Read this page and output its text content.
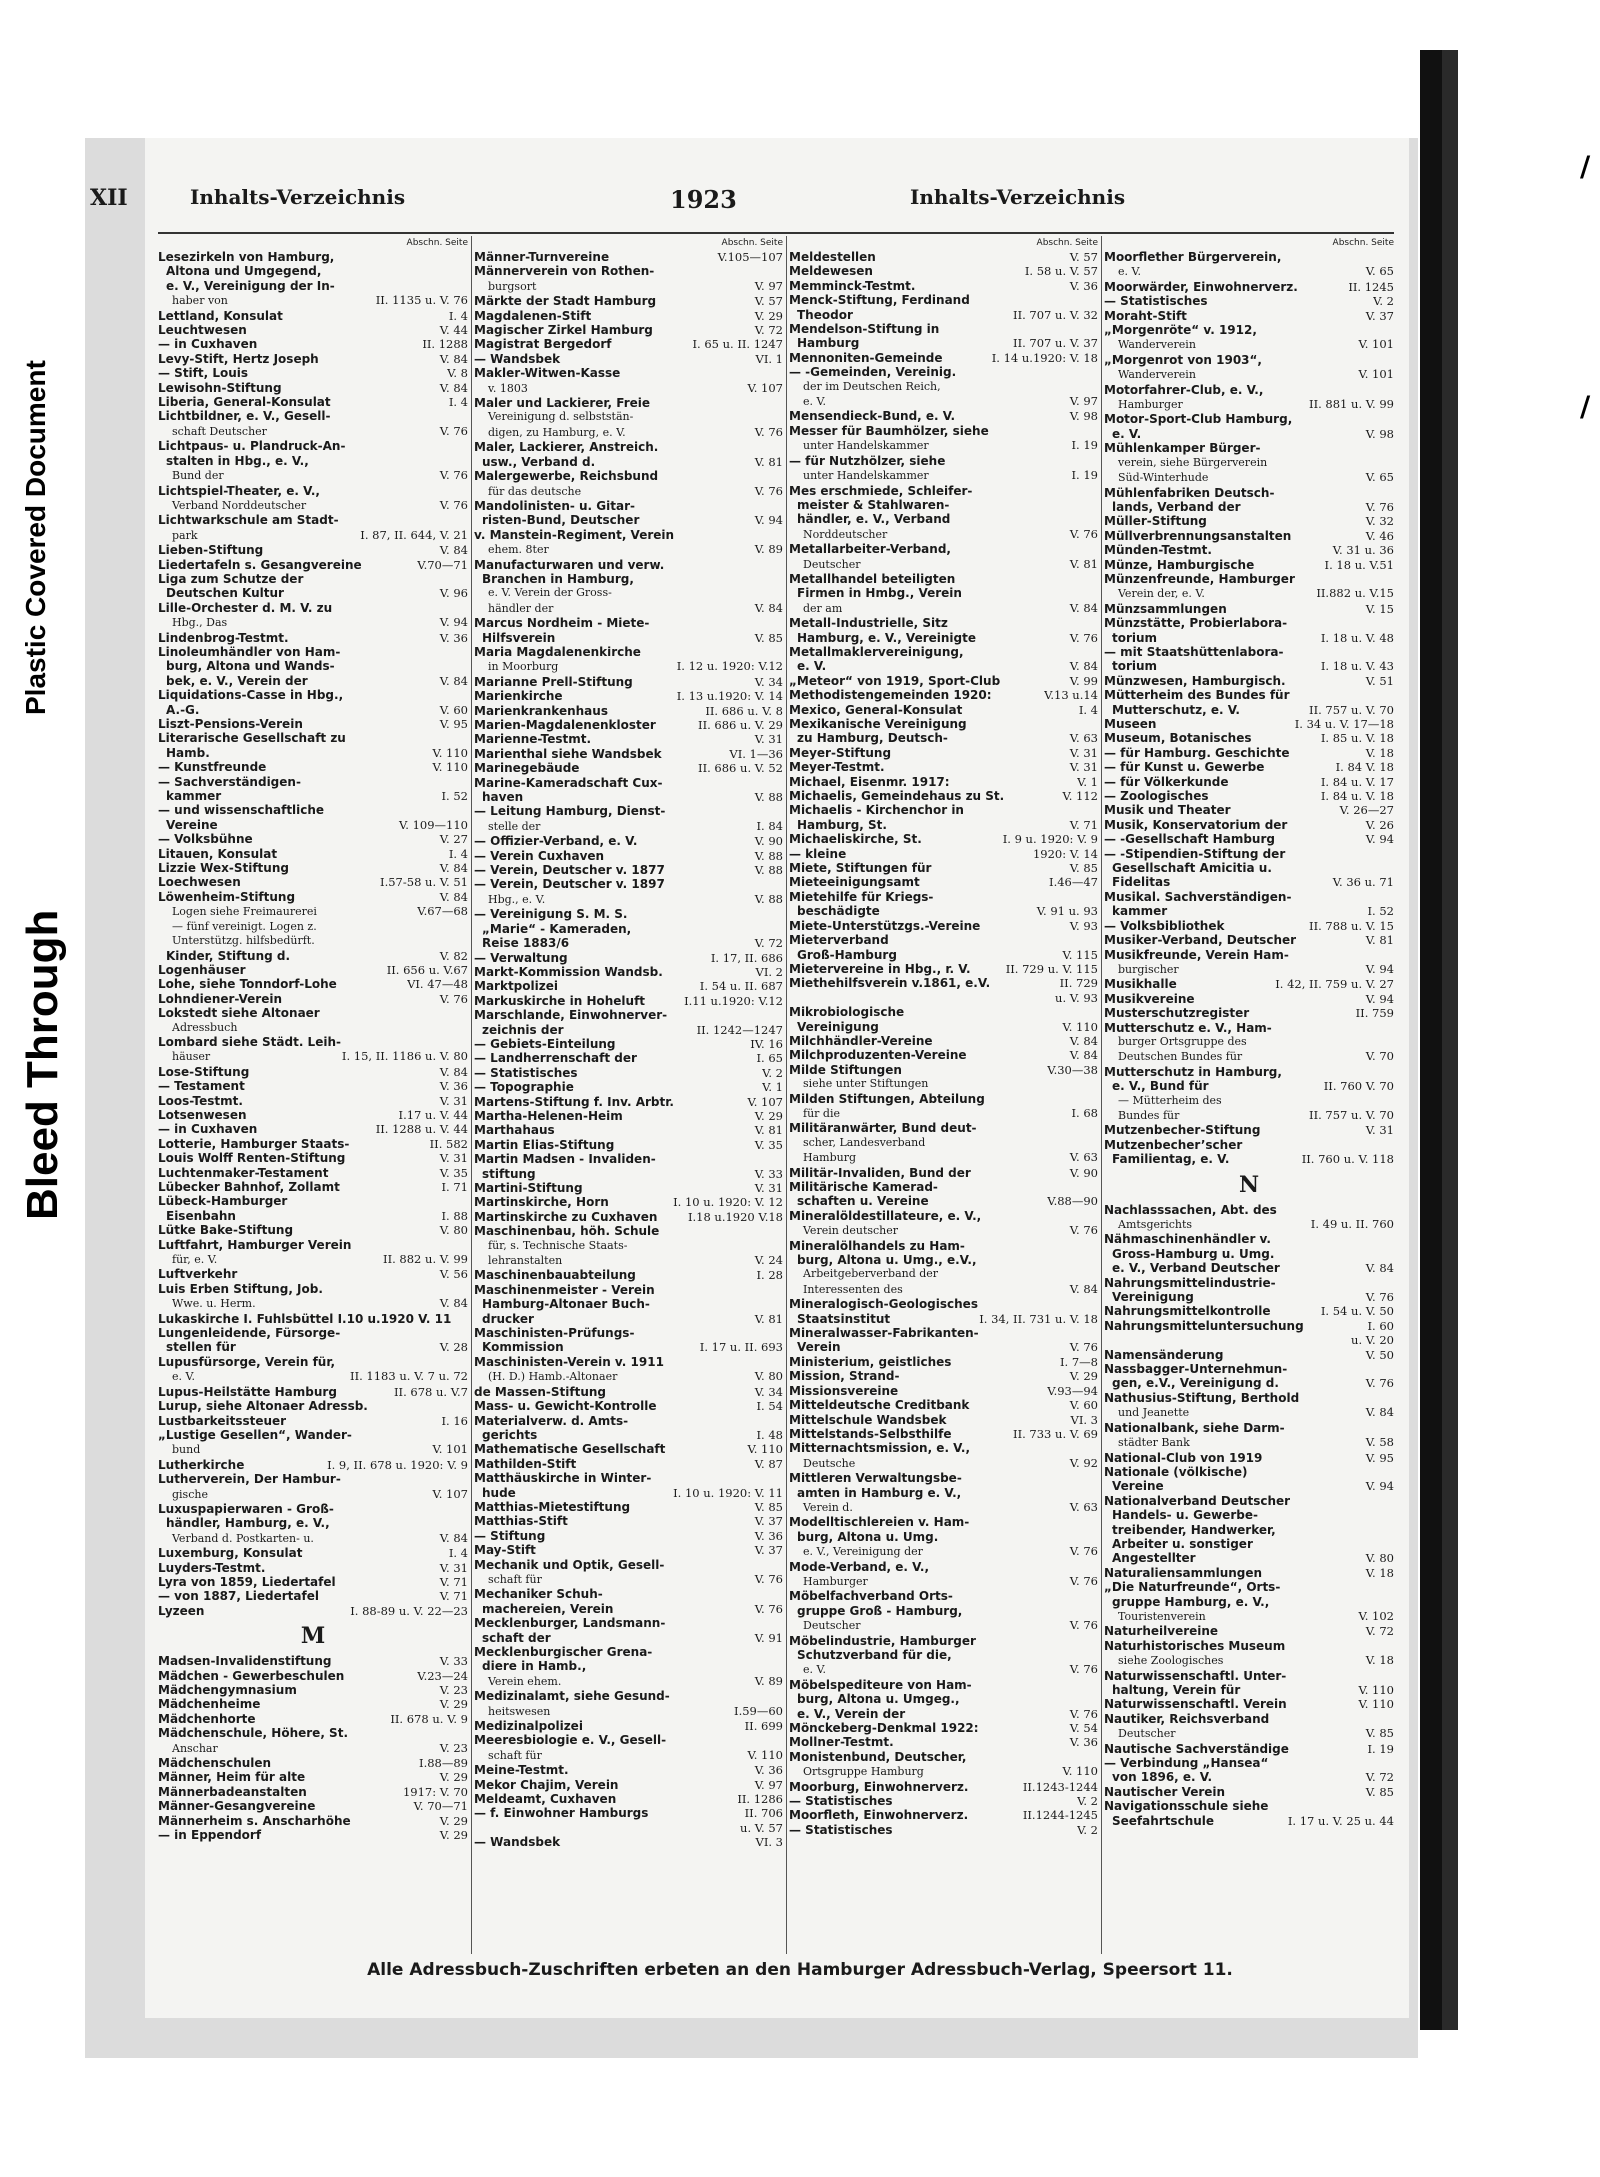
Plastic Covered Document
Bleed Through
/
/
XII	Inhalts-Verzeichnis	1923	Inhalts-Verzeichnis
Abschn. Seite
Lesezirkeln von Hamburg,
Altona und Umgegend,
e. V., Vereinigung der In-
haber von	II. 1135 u. V. 76
Lettland, Konsulat	I. 4
Leuchtwesen	V. 44
— in Cuxhaven	II. 1288
Levy-Stift, Hertz Joseph	V. 84
— Stift, Louis	V. 8
Lewisohn-Stiftung	V. 84
Liberia, General-Konsulat	I. 4
Lichtbildner, e. V., Gesell-
schaft Deutscher	V. 76
Lichtpaus- u. Plandruck-An-
stalten in Hbg., e. V.,
Bund der	V. 76
Lichtspiel-Theater, e. V.,
Verband Norddeutscher	V. 76
Lichtwarkschule am Stadt-
park	I. 87, II. 644, V. 21
Lieben-Stiftung	V. 84
Liedertafeln s. Gesangvereine	V.70—71
Liga zum Schutze der
Deutschen Kultur	V. 96
Lille-Orchester d. M. V. zu
Hbg., Das	V. 94
Lindenbrog-Testmt.	V. 36
Linoleumhändler von Ham-
burg, Altona und Wands-
bek, e. V., Verein der	V. 84
Liquidations-Casse in Hbg.,
A.-G.	V. 60
Liszt-Pensions-Verein	V. 95
Literarische Gesellschaft zu
Hamb.	V. 110
— Kunstfreunde	V. 110
— Sachverständigen-
kammer	I. 52
— und wissenschaftliche
Vereine	V. 109—110
— Volksbühne	V. 27
Litauen, Konsulat	I. 4
Lizzie Wex-Stiftung	V. 84
Loechwesen	I.57-58 u. V. 51
Löwenheim-Stiftung	V. 84
Logen siehe Freimaurerei	V.67—68
— fünf vereinigt. Logen z.
Unterstützg. hilfsbedürft.
Kinder, Stiftung d.	V. 82
Logenhäuser	II. 656 u. V.67
Lohe, siehe Tonndorf-Lohe	VI. 47—48
Lohndiener-Verein	V. 76
Lokstedt siehe Altonaer
Adressbuch
Lombard siehe Städt. Leih-
häuser	I. 15, II. 1186 u. V. 80
Lose-Stiftung	V. 84
— Testament	V. 36
Loos-Testmt.	V. 31
Lotsenwesen	I.17 u. V. 44
— in Cuxhaven	II. 1288 u. V. 44
Lotterie, Hamburger Staats-	II. 582
Louis Wolff Renten-Stiftung	V. 31
Luchtenmaker-Testament	V. 35
Lübecker Bahnhof, Zollamt	I. 71
Lübeck-Hamburger
Eisenbahn	I. 88
Lütke Bake-Stiftung	V. 80
Luftfahrt, Hamburger Verein
für, e. V.	II. 882 u. V. 99
Luftverkehr	V. 56
Luis Erben Stiftung, Job.
Wwe. u. Herm.	V. 84
Lukaskirche I. Fuhlsbüttel I.10 u.1920 V. 11
Lungenleidende, Fürsorge-
stellen für	V. 28
Lupusfürsorge, Verein für,
e. V.	II. 1183 u. V. 7 u. 72
Lupus-Heilstätte Hamburg	II. 678 u. V.7
Lurup, siehe Altonaer Adressb.
Lustbarkeitssteuer	I. 16
„Lustige Gesellen“, Wander-
bund	V. 101
Lutherkirche	I. 9, II. 678 u. 1920: V. 9
Lutherverein, Der Hambur-
gische	V. 107
Luxuspapierwaren - Groß-
händler, Hamburg, e. V.,
Verband d. Postkarten- u.	V. 84
Luxemburg, Konsulat	I. 4
Luyders-Testmt.	V. 31
Lyra von 1859, Liedertafel	V. 71
— von 1887, Liedertafel	V. 71
Lyzeen	I. 88-89 u. V. 22—23
M
Madsen-Invalidenstiftung	V. 33
Mädchen - Gewerbeschulen	V.23—24
Mädchengymnasium	V. 23
Mädchenheime	V. 29
Mädchenhorte	II. 678 u. V. 9
Mädchenschule, Höhere, St.
Anschar	V. 23
Mädchenschulen	I.88—89
Männer, Heim für alte	V. 29
Männerbadeanstalten	1917: V. 70
Männer-Gesangvereine	V. 70—71
Männerheim s. Anscharhöhe	V. 29
— in Eppendorf	V. 29
Abschn. Seite
Männer-Turnvereine	V.105—107
Männerverein von Rothen-
burgsort	V. 97
Märkte der Stadt Hamburg	V. 57
Magdalenen-Stift	V. 29
Magischer Zirkel Hamburg	V. 72
Magistrat Bergedorf	I. 65 u. II. 1247
— Wandsbek	VI. 1
Makler-Witwen-Kasse
v. 1803	V. 107
Maler und Lackierer, Freie
Vereinigung d. selbststän-
digen, zu Hamburg, e. V.	V. 76
Maler, Lackierer, Anstreich.
usw., Verband d.	V. 81
Malergewerbe, Reichsbund
für das deutsche	V. 76
Mandolinisten- u. Gitar-
risten-Bund, Deutscher	V. 94
v. Manstein-Regiment, Verein
ehem. 8ter	V. 89
Manufacturwaren und verw.
Branchen in Hamburg,
e. V. Verein der Gross-
händler der	V. 84
Marcus Nordheim - Miete-
Hilfsverein	V. 85
Maria Magdalenenkirche
in Moorburg	I. 12 u. 1920: V.12
Marianne Prell-Stiftung	V. 34
Marienkirche	I. 13 u.1920: V. 14
Marienkrankenhaus	II. 686 u. V. 8
Marien-Magdalenenkloster	II. 686 u. V. 29
Marienne-Testmt.	V. 31
Marienthal siehe Wandsbek	VI. 1—36
Marinegebäude	II. 686 u. V. 52
Marine-Kameradschaft Cux-
haven	V. 88
— Leitung Hamburg, Dienst-
stelle der	I. 84
— Offizier-Verband, e. V.	V. 90
— Verein Cuxhaven	V. 88
— Verein, Deutscher v. 1877	V. 88
— Verein, Deutscher v. 1897
Hbg., e. V.	V. 88
— Vereinigung S. M. S.
„Marie“ - Kameraden,
Reise 1883/6	V. 72
— Verwaltung	I. 17, II. 686
Markt-Kommission Wandsb.	VI. 2
Marktpolizei	I. 54 u. II. 687
Markuskirche in Hoheluft	I.11 u.1920: V.12
Marschlande, Einwohnerver-
zeichnis der	II. 1242—1247
— Gebiets-Einteilung	IV. 16
— Landherrenschaft der	I. 65
— Statistisches	V. 2
— Topographie	V. 1
Martens-Stiftung f. Inv. Arbtr.	V. 107
Martha-Helenen-Heim	V. 29
Marthahaus	V. 81
Martin Elias-Stiftung	V. 35
Martin Madsen - Invaliden-
stiftung	V. 33
Martini-Stiftung	V. 31
Martinskirche, Horn	I. 10 u. 1920: V. 12
Martinskirche zu Cuxhaven	I.18 u.1920 V.18
Maschinenbau, höh. Schule
für, s. Technische Staats-
lehranstalten	V. 24
Maschinenbauabteilung	I. 28
Maschinenmeister - Verein
Hamburg-Altonaer Buch-
drucker	V. 81
Maschinisten-Prüfungs-
Kommission	I. 17 u. II. 693
Maschinisten-Verein v. 1911
(H. D.) Hamb.-Altonaer	V. 80
de Massen-Stiftung	V. 34
Mass- u. Gewicht-Kontrolle	I. 54
Materialverw. d. Amts-
gerichts	I. 48
Mathematische Gesellschaft	V. 110
Mathilden-Stift	V. 87
Matthäuskirche in Winter-
hude	I. 10 u. 1920: V. 11
Matthias-Mietestiftung	V. 85
Matthias-Stift	V. 37
— Stiftung	V. 36
May-Stift	V. 37
Mechanik und Optik, Gesell-
schaft für	V. 76
Mechaniker Schuh-
machereien, Verein	V. 76
Mecklenburger, Landsmann-
schaft der	V. 91
Mecklenburgischer Grena-
diere in Hamb.,
Verein ehem.	V. 89
Medizinalamt, siehe Gesund-
heitswesen	I.59—60
Medizinalpolizei	II. 699
Meeresbiologie e. V., Gesell-
schaft für	V. 110
Meine-Testmt.	V. 36
Mekor Chajim, Verein	V. 97
Meldeamt, Cuxhaven	II. 1286
— f. Einwohner Hamburgs	II. 706
u. V. 57
— Wandsbek	VI. 3
Abschn. Seite
Meldestellen	V. 57
Meldewesen	I. 58 u. V. 57
Memminck-Testmt.	V. 36
Menck-Stiftung, Ferdinand
Theodor	II. 707 u. V. 32
Mendelson-Stiftung in
Hamburg	II. 707 u. V. 37
Mennoniten-Gemeinde	I. 14 u.1920: V. 18
— -Gemeinden, Vereinig.
der im Deutschen Reich,
e. V.	V. 97
Mensendieck-Bund, e. V.	V. 98
Messer für Baumhölzer, siehe
unter Handelskammer	I. 19
— für Nutzhölzer, siehe
unter Handelskammer	I. 19
Mes erschmiede, Schleifer-
meister & Stahlwaren-
händler, e. V., Verband
Norddeutscher	V. 76
Metallarbeiter-Verband,
Deutscher	V. 81
Metallhandel beteiligten
Firmen in Hmbg., Verein
der am	V. 84
Metall-Industrielle, Sitz
Hamburg, e. V., Vereinigte	V. 76
Metallmaklervereinigung,
e. V.	V. 84
„Meteor“ von 1919, Sport-Club	V. 99
Methodistengemeinden 1920:	V.13 u.14
Mexico, General-Konsulat	I. 4
Mexikanische Vereinigung
zu Hamburg, Deutsch-	V. 63
Meyer-Stiftung	V. 31
Meyer-Testmt.	V. 31
Michael, Eisenmr. 1917:	V. 1
Michaelis, Gemeindehaus zu St.	V. 112
Michaelis - Kirchenchor in
Hamburg, St.	V. 71
Michaeliskirche, St.	I. 9 u. 1920: V. 9
— kleine	1920: V. 14
Miete, Stiftungen für	V. 85
Mieteeinigungsamt	I.46—47
Mietehilfe für Kriegs-
beschädigte	V. 91 u. 93
Miete-Unterstützgs.-Vereine	V. 93
Mieterverband
Groß-Hamburg	V. 115
Mietervereine in Hbg., r. V.	II. 729 u. V. 115
Miethehilfsverein v.1861, e.V.	II. 729
u. V. 93
Mikrobiologische
Vereinigung	V. 110
Milchhändler-Vereine	V. 84
Milchproduzenten-Vereine	V. 84
Milde Stiftungen	V.30—38
siehe unter Stiftungen
Milden Stiftungen, Abteilung
für die	I. 68
Militäranwärter, Bund deut-
scher, Landesverband
Hamburg	V. 63
Militär-Invaliden, Bund der	V. 90
Militärische Kamerad-
schaften u. Vereine	V.88—90
Mineralöldestillateure, e. V.,
Verein deutscher	V. 76
Mineralölhandels zu Ham-
burg, Altona u. Umg., e.V.,
Arbeitgeberverband der
Interessenten des	V. 84
Mineralogisch-Geologisches
Staatsinstitut	I. 34, II. 731 u. V. 18
Mineralwasser-Fabrikanten-
Verein	V. 76
Ministerium, geistliches	I. 7—8
Mission, Strand-	V. 29
Missionsvereine	V.93—94
Mitteldeutsche Creditbank	V. 60
Mittelschule Wandsbek	VI. 3
Mittelstands-Selbsthilfe	II. 733 u. V. 69
Mitternachtsmission, e. V.,
Deutsche	V. 92
Mittleren Verwaltungsbe-
amten in Hamburg e. V.,
Verein d.	V. 63
Modelltischlereien v. Ham-
burg, Altona u. Umg.
e. V., Vereinigung der	V. 76
Mode-Verband, e. V.,
Hamburger	V. 76
Möbelfachverband Orts-
gruppe Groß - Hamburg,
Deutscher	V. 76
Möbelindustrie, Hamburger
Schutzverband für die,
e. V.	V. 76
Möbelspediteure von Ham-
burg, Altona u. Umgeg.,
e. V., Verein der	V. 76
Mönckeberg-Denkmal 1922:	V. 54
Mollner-Testmt.	V. 36
Monistenbund, Deutscher,
Ortsgruppe Hamburg	V. 110
Moorburg, Einwohnerverz.	II.1243-1244
— Statistisches	V. 2
Moorfleth, Einwohnerverz.	II.1244-1245
— Statistisches	V. 2
Abschn. Seite
Moorflether Bürgerverein,
e. V.	V. 65
Moorwärder, Einwohnerverz.	II. 1245
— Statistisches	V. 2
Moraht-Stift	V. 37
„Morgenröte“ v. 1912,
Wanderverein	V. 101
„Morgenrot von 1903“,
Wanderverein	V. 101
Motorfahrer-Club, e. V.,
Hamburger	II. 881 u. V. 99
Motor-Sport-Club Hamburg,
e. V.	V. 98
Mühlenkamper Bürger-
verein, siehe Bürgerverein
Süd-Winterhude	V. 65
Mühlenfabriken Deutsch-
lands, Verband der	V. 76
Müller-Stiftung	V. 32
Müllverbrennungsanstalten	V. 46
Münden-Testmt.	V. 31 u. 36
Münze, Hamburgische	I. 18 u. V.51
Münzenfreunde, Hamburger
Verein der, e. V.	II.882 u. V.15
Münzsammlungen	V. 15
Münzstätte, Probierlabora-
torium	I. 18 u. V. 48
— mit Staatshüttenlabora-
torium	I. 18 u. V. 43
Münzwesen, Hamburgisch.	V. 51
Mütterheim des Bundes für
Mutterschutz, e. V.	II. 757 u. V. 70
Museen	I. 34 u. V. 17—18
Museum, Botanisches	I. 85 u. V. 18
— für Hamburg. Geschichte	V. 18
— für Kunst u. Gewerbe	I. 84 V. 18
— für Völkerkunde	I. 84 u. V. 17
— Zoologisches	I. 84 u. V. 18
Musik und Theater	V. 26—27
Musik, Konservatorium der	V. 26
— -Gesellschaft Hamburg	V. 94
— -Stipendien-Stiftung der
Gesellschaft Amicitia u.
Fidelitas	V. 36 u. 71
Musikal. Sachverständigen-
kammer	I. 52
— Volksbibliothek	II. 788 u. V. 15
Musiker-Verband, Deutscher	V. 81
Musikfreunde, Verein Ham-
burgischer	V. 94
Musikhalle	I. 42, II. 759 u. V. 27
Musikvereine	V. 94
Musterschutzregister	II. 759
Mutterschutz e. V., Ham-
burger Ortsgruppe des
Deutschen Bundes für	V. 70
Mutterschutz in Hamburg,
e. V., Bund für	II. 760 V. 70
— Mütterheim des
Bundes für	II. 757 u. V. 70
Mutzenbecher-Stiftung	V. 31
Mutzenbecher’scher
Familientag, e. V.	II. 760 u. V. 118
N
Nachlasssachen, Abt. des
Amtsgerichts	I. 49 u. II. 760
Nähmaschinenhändler v.
Gross-Hamburg u. Umg.
e. V., Verband Deutscher	V. 84
Nahrungsmittelindustrie-
Vereinigung	V. 76
Nahrungsmittelkontrolle	I. 54 u. V. 50
Nahrungsmitteluntersuchung	I. 60
u. V. 20
Namensänderung	V. 50
Nassbagger-Unternehmun-
gen, e.V., Vereinigung d.	V. 76
Nathusius-Stiftung, Berthold
und Jeanette	V. 84
Nationalbank, siehe Darm-
städter Bank	V. 58
National-Club von 1919	V. 95
Nationale (völkische)
Vereine	V. 94
Nationalverband Deutscher
Handels- u. Gewerbe-
treibender, Handwerker,
Arbeiter u. sonstiger
Angestellter	V. 80
Naturaliensammlungen	V. 18
„Die Naturfreunde“, Orts-
gruppe Hamburg, e. V.,
Touristenverein	V. 102
Naturheilvereine	V. 72
Naturhistorisches Museum
siehe Zoologisches	V. 18
Naturwissenschaftl. Unter-
haltung, Verein für	V. 110
Naturwissenschaftl. Verein	V. 110
Nautiker, Reichsverband
Deutscher	V. 85
Nautische Sachverständige	I. 19
— Verbindung „Hansea“
von 1896, e. V.	V. 72
Nautischer Verein	V. 85
Navigationsschule siehe
Seefahrtschule	I. 17 u. V. 25 u. 44
Alle Adressbuch-Zuschriften erbeten an den Hamburger Adressbuch-Verlag, Speersort 11.
